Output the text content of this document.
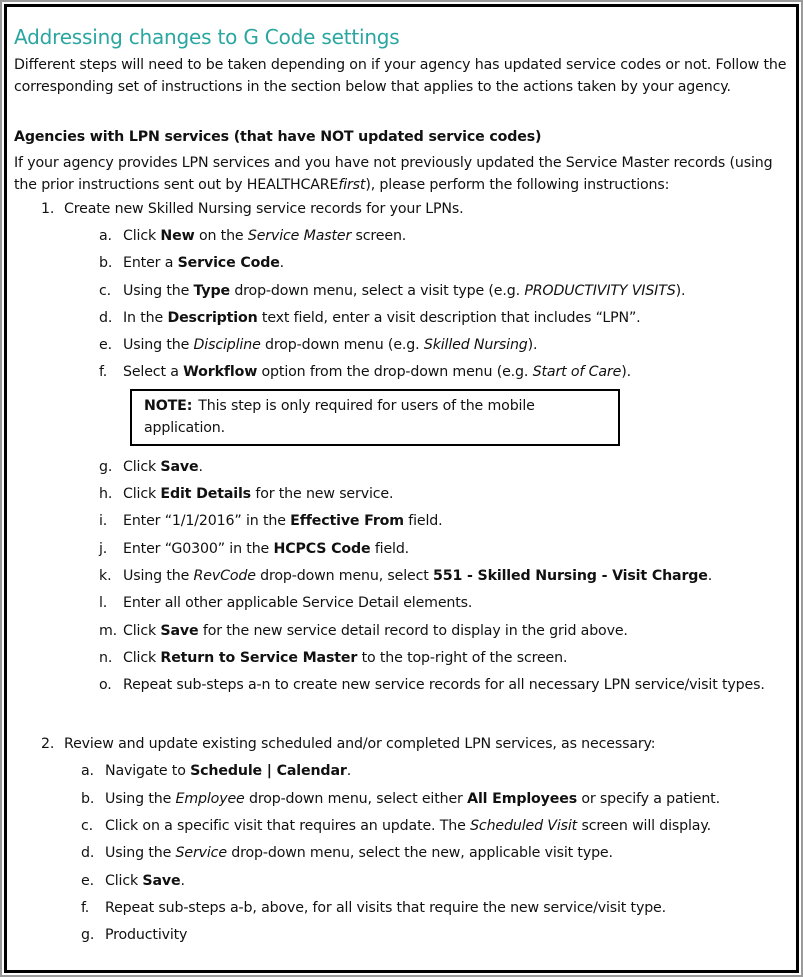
Addressing changes to G Code settings

Different steps will need to be taken depending on if your agency has updated service codes or not. Follow the corresponding set of instructions in the section below that applies to the actions taken by your agency.

Agencies with LPN services (that have NOT updated service codes)

If your agency provides LPN services and you have not previously updated the Service Master records (using the prior instructions sent out by HEALTHCAREfirst), please perform the following instructions:

1. Create new Skilled Nursing service records for your LPNs.
a. Click New on the Service Master screen.
b. Enter a Service Code.
c. Using the Type drop-down menu, select a visit type (e.g. PRODUCTIVITY VISITS).
d. In the Description text field, enter a visit description that includes “LPN”.
e. Using the Discipline drop-down menu (e.g. Skilled Nursing).
f. Select a Workflow option from the drop-down menu (e.g. Start of Care).
NOTE: This step is only required for users of the mobile application.
g. Click Save.
h. Click Edit Details for the new service.
i. Enter “1/1/2016” in the Effective From field.
j. Enter “G0300” in the HCPCS Code field.
k. Using the RevCode drop-down menu, select 551 - Skilled Nursing - Visit Charge.
l. Enter all other applicable Service Detail elements.
m. Click Save for the new service detail record to display in the grid above.
n. Click Return to Service Master to the top-right of the screen.
o. Repeat sub-steps a-n to create new service records for all necessary LPN service/visit types.
2. Review and update existing scheduled and/or completed LPN services, as necessary:
a. Navigate to Schedule | Calendar.
b. Using the Employee drop-down menu, select either All Employees or specify a patient.
c. Click on a specific visit that requires an update. The Scheduled Visit screen will display.
d. Using the Service drop-down menu, select the new, applicable visit type.
e. Click Save.
f. Repeat sub-steps a-b, above, for all visits that require the new service/visit type.
g. Productivity
